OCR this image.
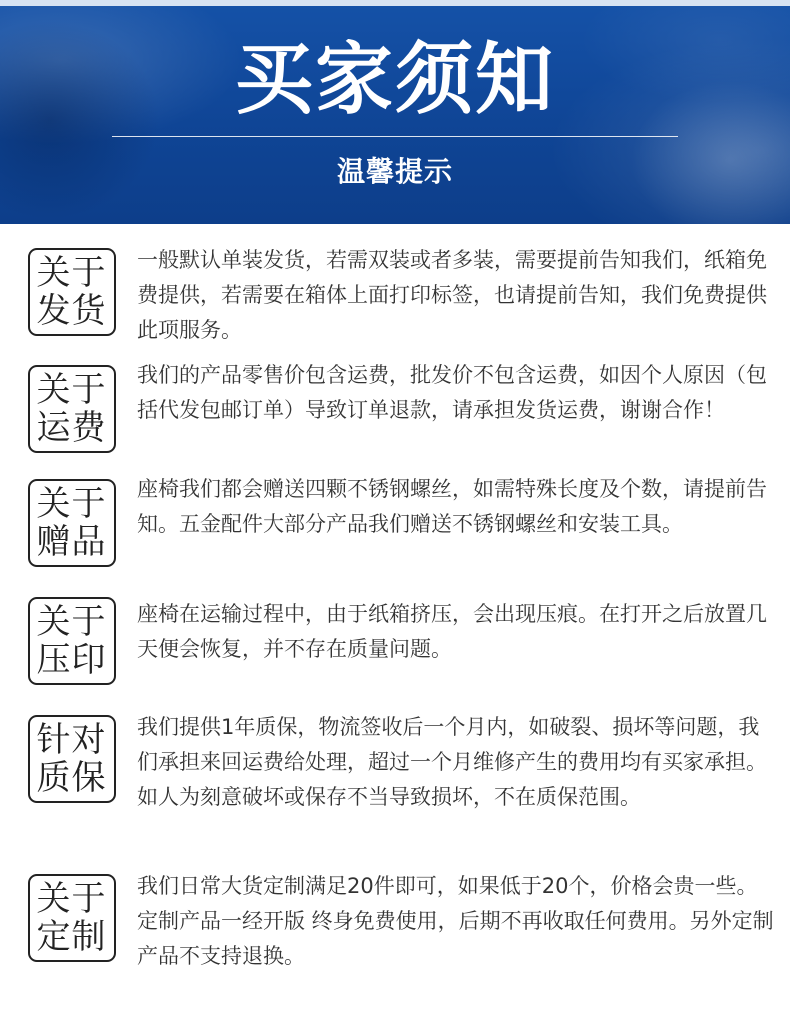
买家须知
温馨提示
关于
发货

一般默认单装发货，若需双装或者多装，需要提前告知我们，纸箱免费提供，若需要在箱体上面打印标签，也请提前告知，我们免费提供此项服务。

关于
运费

我们的产品零售价包含运费，批发价不包含运费，如因个人原因（包括代发包邮订单）导致订单退款，请承担发货运费，谢谢合作！

关于
赠品

座椅我们都会赠送四颗不锈钢螺丝，如需特殊长度及个数，请提前告知。五金配件大部分产品我们赠送不锈钢螺丝和安装工具。

关于
压印

座椅在运输过程中，由于纸箱挤压，会出现压痕。在打开之后放置几天便会恢复，并不存在质量问题。

针对
质保

我们提供1年质保，物流签收后一个月内，如破裂、损坏等问题，我们承担来回运费给处理，超过一个月维修产生的费用均有买家承担。如人为刻意破坏或保存不当导致损坏，不在质保范围。

关于
定制

我们日常大货定制满足20件即可，如果低于20个，价格会贵一些。定制产品一经开版 终身免费使用，后期不再收取任何费用。另外定制产品不支持退换。
